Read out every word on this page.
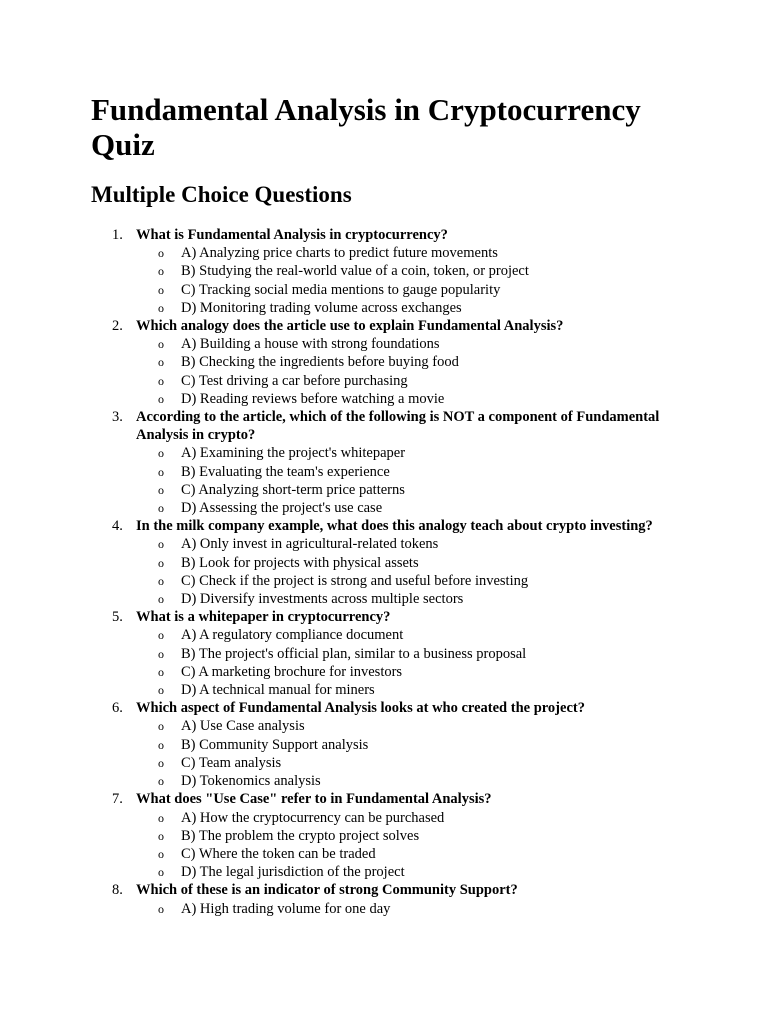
Fundamental Analysis in Cryptocurrency Quiz
Multiple Choice Questions
1. What is Fundamental Analysis in cryptocurrency?
o A) Analyzing price charts to predict future movements
o B) Studying the real-world value of a coin, token, or project
o C) Tracking social media mentions to gauge popularity
o D) Monitoring trading volume across exchanges
2. Which analogy does the article use to explain Fundamental Analysis?
o A) Building a house with strong foundations
o B) Checking the ingredients before buying food
o C) Test driving a car before purchasing
o D) Reading reviews before watching a movie
3. According to the article, which of the following is NOT a component of Fundamental Analysis in crypto?
o A) Examining the project's whitepaper
o B) Evaluating the team's experience
o C) Analyzing short-term price patterns
o D) Assessing the project's use case
4. In the milk company example, what does this analogy teach about crypto investing?
o A) Only invest in agricultural-related tokens
o B) Look for projects with physical assets
o C) Check if the project is strong and useful before investing
o D) Diversify investments across multiple sectors
5. What is a whitepaper in cryptocurrency?
o A) A regulatory compliance document
o B) The project's official plan, similar to a business proposal
o C) A marketing brochure for investors
o D) A technical manual for miners
6. Which aspect of Fundamental Analysis looks at who created the project?
o A) Use Case analysis
o B) Community Support analysis
o C) Team analysis
o D) Tokenomics analysis
7. What does "Use Case" refer to in Fundamental Analysis?
o A) How the cryptocurrency can be purchased
o B) The problem the crypto project solves
o C) Where the token can be traded
o D) The legal jurisdiction of the project
8. Which of these is an indicator of strong Community Support?
o A) High trading volume for one day
